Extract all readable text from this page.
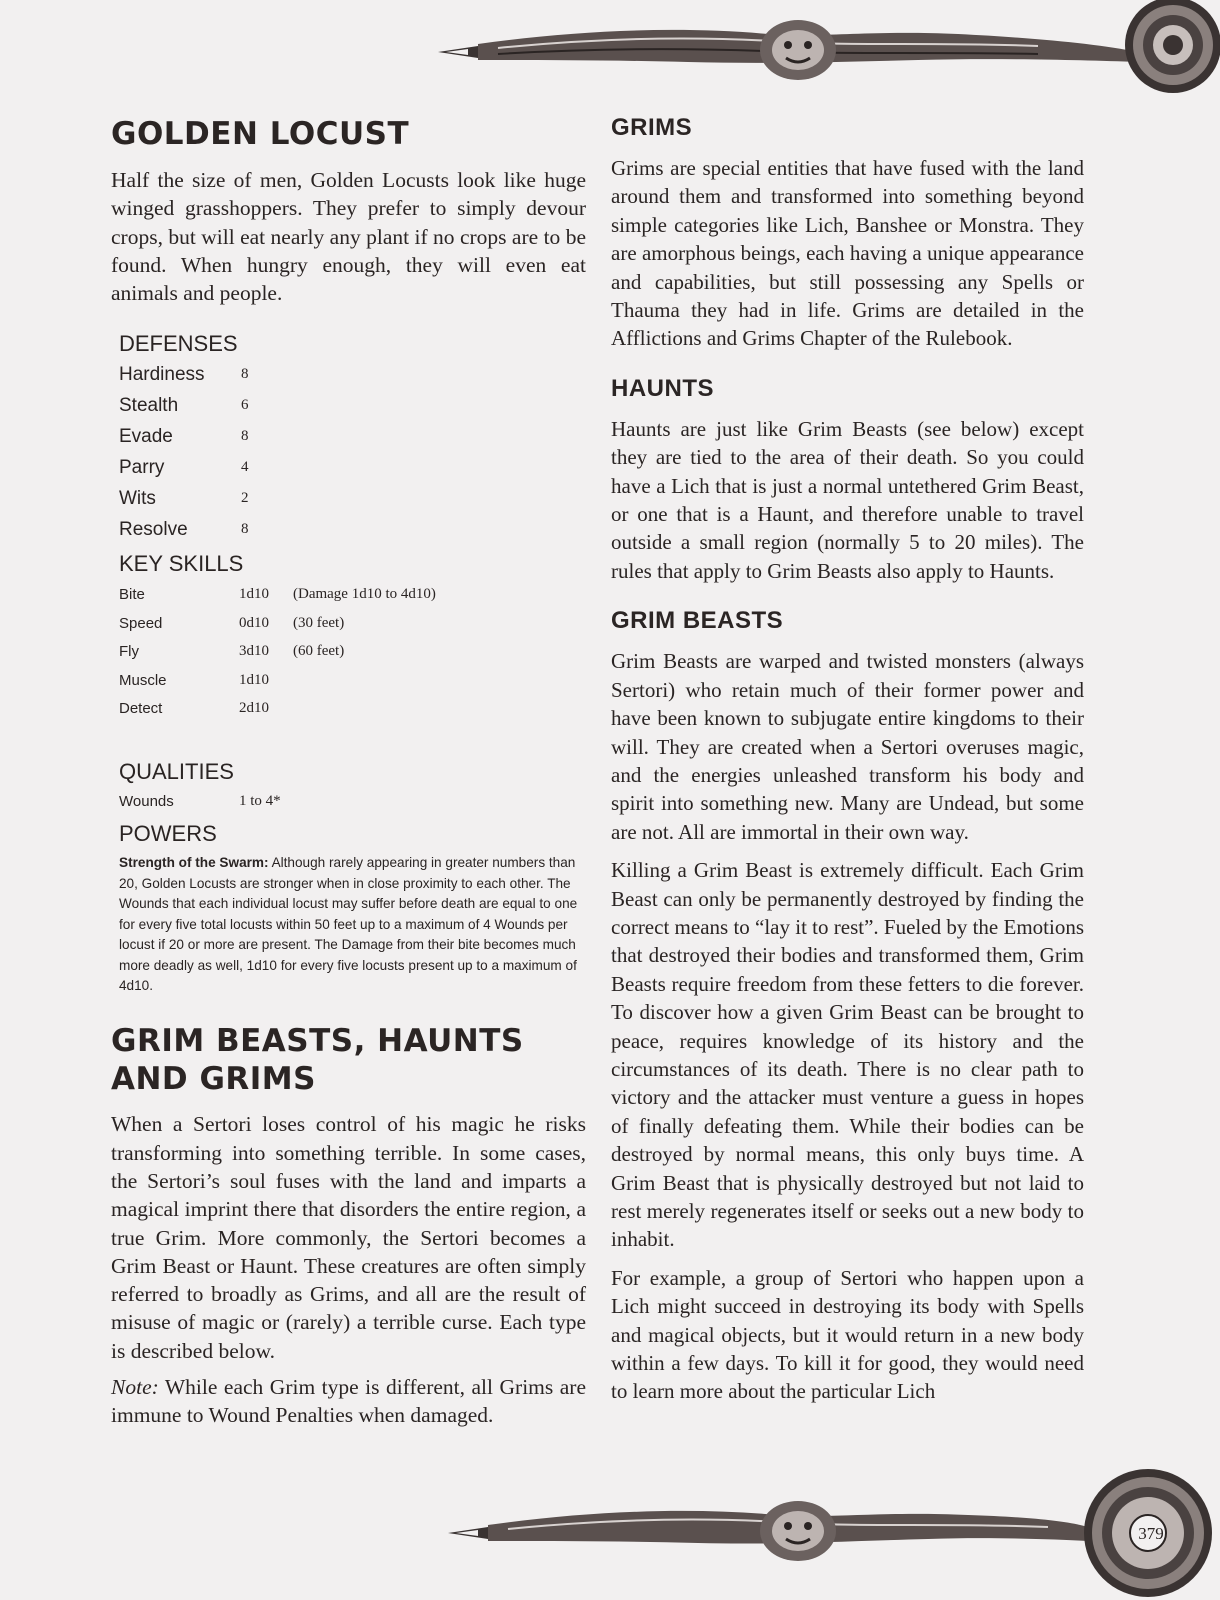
GOLDEN LOCUST

Half the size of men, Golden Locusts look like huge winged grasshoppers. They prefer to simply devour crops, but will eat nearly any plant if no crops are to be found. When hungry enough, they will even eat animals and people.

DEFENSES
Hardiness	8
Stealth	6
Evade	8
Parry	4
Wits	2
Resolve	8
KEY SKILLS
Bite	1d10	(Damage 1d10 to 4d10)
Speed	0d10	(30 feet)
Fly	3d10	(60 feet)
Muscle	1d10
Detect	2d10
QUALITIES
Wounds	1 to 4*
POWERS

Strength of the Swarm: Although rarely appearing in greater numbers than 20, Golden Locusts are stronger when in close proximity to each other. The Wounds that each individual locust may suffer before death are equal to one for every five total locusts within 50 feet up to a maximum of 4 Wounds per locust if 20 or more are present. The Damage from their bite becomes much more deadly as well, 1d10 for every five locusts present up to a maximum of 4d10.

GRIM BEASTS, HAUNTS
AND GRIMS

When a Sertori loses control of his magic he risks transforming into something terrible. In some cases, the Sertori’s soul fuses with the land and imparts a magical imprint there that disorders the entire region, a true Grim. More commonly, the Sertori becomes a Grim Beast or Haunt. These creatures are often simply referred to broadly as Grims, and all are the result of misuse of magic or (rarely) a terrible curse. Each type is described below.

Note: While each Grim type is different, all Grims are immune to Wound Penalties when damaged.

GRIMS

Grims are special entities that have fused with the land around them and transformed into something beyond simple categories like Lich, Banshee or Monstra. They are amorphous beings, each having a unique appearance and capabilities, but still possessing any Spells or Thauma they had in life. Grims are detailed in the Afflictions and Grims Chapter of the Rulebook.

HAUNTS

Haunts are just like Grim Beasts (see below) except they are tied to the area of their death. So you could have a Lich that is just a normal untethered Grim Beast, or one that is a Haunt, and therefore unable to travel outside a small region (normally 5 to 20 miles). The rules that apply to Grim Beasts also apply to Haunts.

GRIM BEASTS

Grim Beasts are warped and twisted monsters (always Sertori) who retain much of their former power and have been known to subjugate entire kingdoms to their will. They are created when a Sertori overuses magic, and the energies unleashed transform his body and spirit into something new. Many are Undead, but some are not. All are immortal in their own way.

Killing a Grim Beast is extremely difficult. Each Grim Beast can only be permanently destroyed by finding the correct means to “lay it to rest”. Fueled by the Emotions that destroyed their bodies and transformed them, Grim Beasts require freedom from these fetters to die forever. To discover how a given Grim Beast can be brought to peace, requires knowledge of its history and the circumstances of its death. There is no clear path to victory and the attacker must venture a guess in hopes of finally defeating them. While their bodies can be destroyed by normal means, this only buys time. A Grim Beast that is physically destroyed but not laid to rest merely regenerates itself or seeks out a new body to inhabit.

For example, a group of Sertori who happen upon a Lich might succeed in destroying its body with Spells and magical objects, but it would return in a new body within a few days. To kill it for good, they would need to learn more about the particular Lich

379
